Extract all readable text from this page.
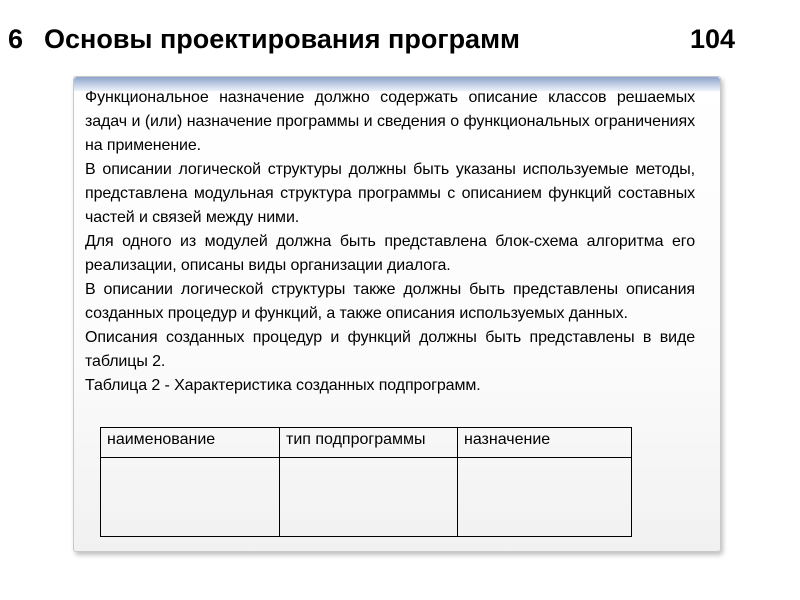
6 Основы проектирования программ	104

Функциональное назначение должно содержать описание классов решаемых задач и (или) назначение программы и сведения о функциональных ограничениях на применение.

В описании логической структуры должны быть указаны используемые методы, представлена модульная структура программы с описанием функций составных частей и связей между ними.

Для одного из модулей должна быть представлена блок-схема алгоритма его реализации, описаны виды организации диалога.

В описании логической структуры также должны быть представлены описания созданных процедур и функций, а также описания используемых данных.

Описания созданных процедур и функций должны быть представлены в виде таблицы 2.

Таблица 2 - Характеристика созданных подпрограмм.

наименование	тип подпрограммы	назначение
